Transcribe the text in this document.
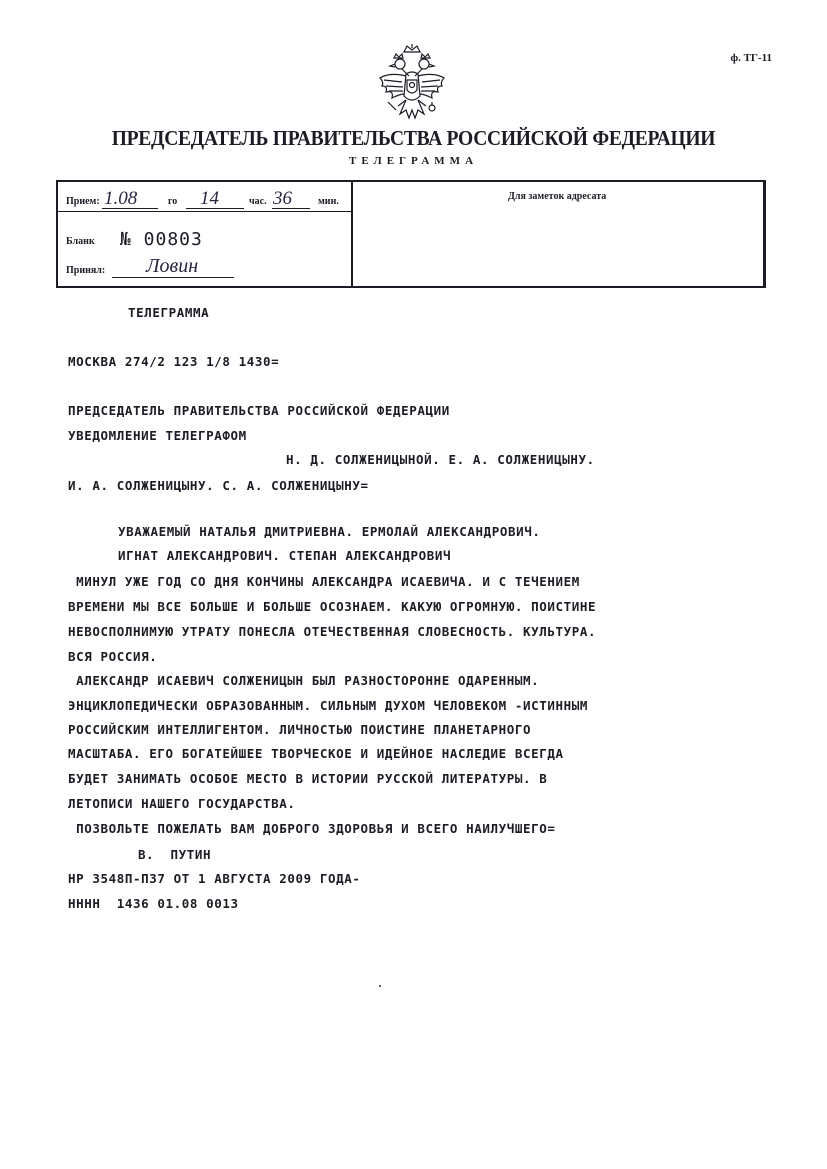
ф. ТГ-11
ПРЕДСЕДАТЕЛЬ ПРАВИТЕЛЬСТВА РОССИЙСКОЙ ФЕДЕРАЦИИ
ТЕЛЕГРАММА
Прием: 1.08	го 14	час. 36	мин.
Бланк № 00803
Принял: Ловин
Для заметок адресата
ТЕЛЕГРАММА
МОСКВА 274/2 123 1/8 1430=
ПРЕДСЕДАТЕЛЬ ПРАВИТЕЛЬСТВА РОССИЙСКОЙ ФЕДЕРАЦИИ
УВЕДОМЛЕНИЕ ТЕЛЕГРАФОМ
Н. Д. СОЛЖЕНИЦЫНОЙ. Е. А. СОЛЖЕНИЦЫНУ.
И. А. СОЛЖЕНИЦЫНУ. С. А. СОЛЖЕНИЦЫНУ=
УВАЖАЕМЫЙ НАТАЛЬЯ ДМИТРИЕВНА. ЕРМОЛАЙ АЛЕКСАНДРОВИЧ.
ИГНАТ АЛЕКСАНДРОВИЧ. СТЕПАН АЛЕКСАНДРОВИЧ
МИНУЛ УЖЕ ГОД СО ДНЯ КОНЧИНЫ АЛЕКСАНДРА ИСАЕВИЧА. И С ТЕЧЕНИЕМ
ВРЕМЕНИ МЫ ВСЕ БОЛЬШЕ И БОЛЬШЕ ОСОЗНАЕМ. КАКУЮ ОГРОМНУЮ. ПОИСТИНЕ
НЕВОСПОЛНИМУЮ УТРАТУ ПОНЕСЛА ОТЕЧЕСТВЕННАЯ СЛОВЕСНОСТЬ. КУЛЬТУРА.
ВСЯ РОССИЯ.
АЛЕКСАНДР ИСАЕВИЧ СОЛЖЕНИЦЫН БЫЛ РАЗНОСТОРОННЕ ОДАРЕННЫМ.
ЭНЦИКЛОПЕДИЧЕСКИ ОБРАЗОВАННЫМ. СИЛЬНЫМ ДУХОМ ЧЕЛОВЕКОМ -ИСТИННЫМ
РОССИЙСКИМ ИНТЕЛЛИГЕНТОМ. ЛИЧНОСТЬЮ ПОИСТИНЕ ПЛАНЕТАРНОГО
МАСШТАБА. ЕГО БОГАТЕЙШЕЕ ТВОРЧЕСКОЕ И ИДЕЙНОЕ НАСЛЕДИЕ ВСЕГДА
БУДЕТ ЗАНИМАТЬ ОСОБОЕ МЕСТО В ИСТОРИИ РУССКОЙ ЛИТЕРАТУРЫ. В
ЛЕТОПИСИ НАШЕГО ГОСУДАРСТВА.
ПОЗВОЛЬТЕ ПОЖЕЛАТЬ ВАМ ДОБРОГО ЗДОРОВЬЯ И ВСЕГО НАИЛУЧШЕГО=
В.  ПУТИН
НР 3548П-П37 ОТ 1 АВГУСТА 2009 ГОДА-
НННН  1436 01.08 0013
